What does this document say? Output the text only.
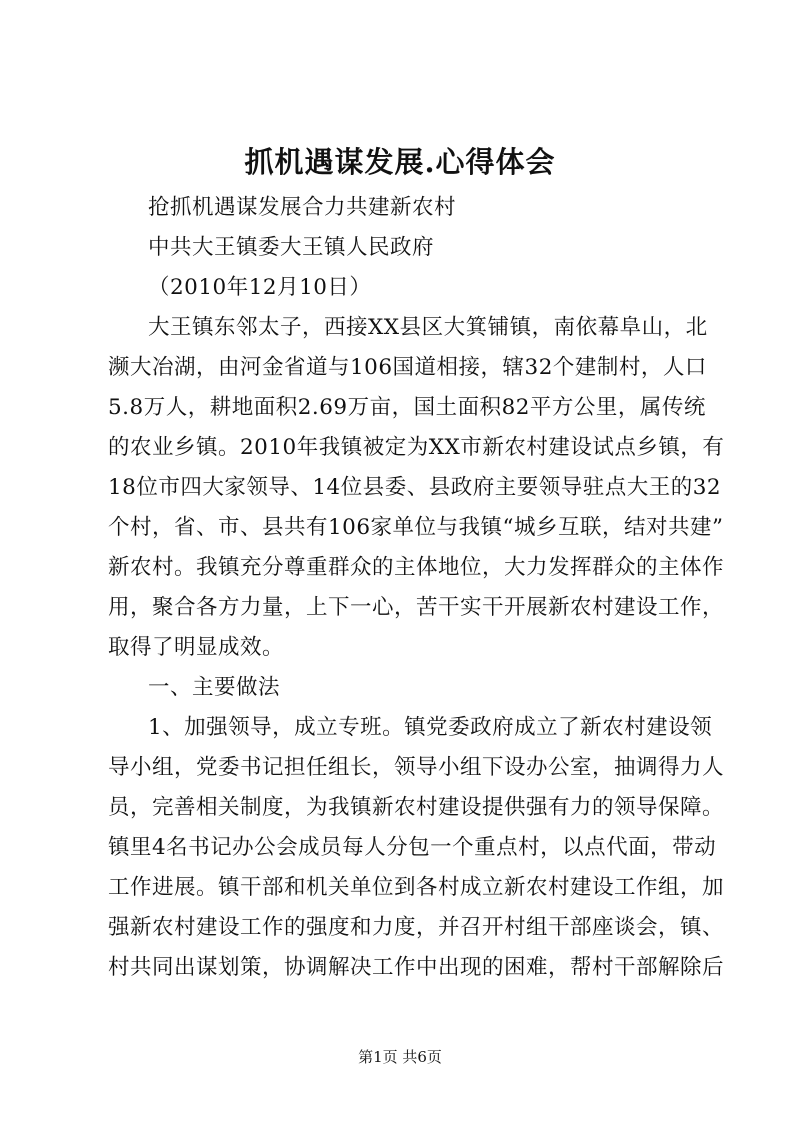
抓机遇谋发展.心得体会
抢抓机遇谋发展合力共建新农村
中共大王镇委大王镇人民政府
（2010年12月10日）
大王镇东邻太子，西接XX县区大箕铺镇，南依幕阜山，北
濒大冶湖，由河金省道与106国道相接，辖32个建制村，人口
5.8万人，耕地面积2.69万亩，国土面积82平方公里，属传统
的农业乡镇。2010年我镇被定为XX市新农村建设试点乡镇，有
18位市四大家领导、14位县委、县政府主要领导驻点大王的32
个村，省、市、县共有106家单位与我镇“城乡互联，结对共建”
新农村。我镇充分尊重群众的主体地位，大力发挥群众的主体作
用，聚合各方力量，上下一心，苦干实干开展新农村建设工作，
取得了明显成效。
一、主要做法
1、加强领导，成立专班。镇党委政府成立了新农村建设领
导小组，党委书记担任组长，领导小组下设办公室，抽调得力人
员，完善相关制度，为我镇新农村建设提供强有力的领导保障。
镇里4名书记办公会成员每人分包一个重点村，以点代面，带动
工作进展。镇干部和机关单位到各村成立新农村建设工作组，加
强新农村建设工作的强度和力度，并召开村组干部座谈会，镇、
村共同出谋划策，协调解决工作中出现的困难，帮村干部解除后
第1页 共6页
